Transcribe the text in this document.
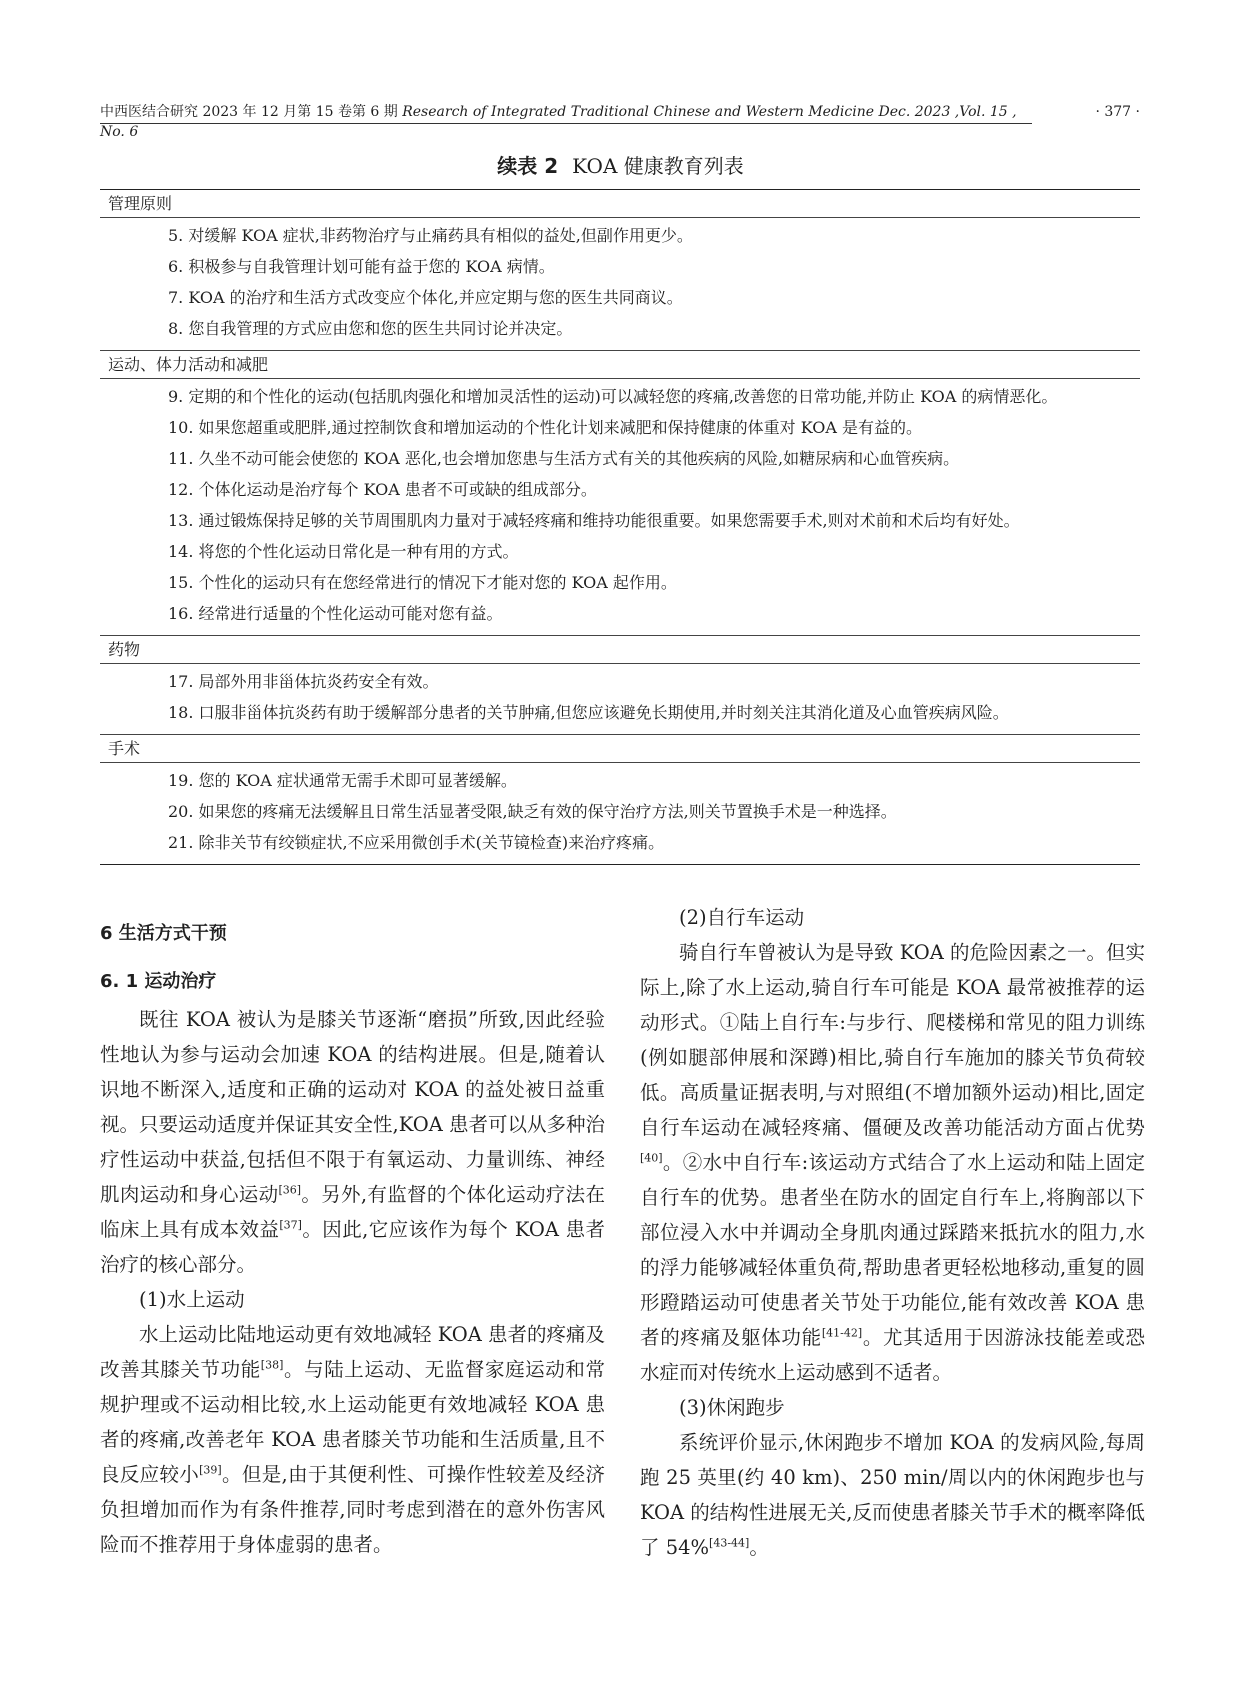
中西医结合研究 2023 年 12 月第 15 卷第 6 期 Research of Integrated Traditional Chinese and Western Medicine Dec. 2023 ,Vol. 15 , No. 6
· 377 ·
续表 2 KOA 健康教育列表
管理原则
5. 对缓解 KOA 症状,非药物治疗与止痛药具有相似的益处,但副作用更少。
6. 积极参与自我管理计划可能有益于您的 KOA 病情。
7. KOA 的治疗和生活方式改变应个体化,并应定期与您的医生共同商议。
8. 您自我管理的方式应由您和您的医生共同讨论并决定。
运动、体力活动和减肥
9. 定期的和个性化的运动(包括肌肉强化和增加灵活性的运动)可以减轻您的疼痛,改善您的日常功能,并防止 KOA 的病情恶化。
10. 如果您超重或肥胖,通过控制饮食和增加运动的个性化计划来减肥和保持健康的体重对 KOA 是有益的。
11. 久坐不动可能会使您的 KOA 恶化,也会增加您患与生活方式有关的其他疾病的风险,如糖尿病和心血管疾病。
12. 个体化运动是治疗每个 KOA 患者不可或缺的组成部分。
13. 通过锻炼保持足够的关节周围肌肉力量对于减轻疼痛和维持功能很重要。如果您需要手术,则对术前和术后均有好处。
14. 将您的个性化运动日常化是一种有用的方式。
15. 个性化的运动只有在您经常进行的情况下才能对您的 KOA 起作用。
16. 经常进行适量的个性化运动可能对您有益。
药物
17. 局部外用非甾体抗炎药安全有效。
18. 口服非甾体抗炎药有助于缓解部分患者的关节肿痛,但您应该避免长期使用,并时刻关注其消化道及心血管疾病风险。
手术
19. 您的 KOA 症状通常无需手术即可显著缓解。
20. 如果您的疼痛无法缓解且日常生活显著受限,缺乏有效的保守治疗方法,则关节置换手术是一种选择。
21. 除非关节有绞锁症状,不应采用微创手术(关节镜检查)来治疗疼痛。
6 生活方式干预
6. 1 运动治疗

既往 KOA 被认为是膝关节逐渐“磨损”所致,因此经验性地认为参与运动会加速 KOA 的结构进展。但是,随着认识地不断深入,适度和正确的运动对 KOA 的益处被日益重视。只要运动适度并保证其安全性,KOA 患者可以从多种治疗性运动中获益,包括但不限于有氧运动、力量训练、神经肌肉运动和身心运动[36]。另外,有监督的个体化运动疗法在临床上具有成本效益[37]。因此,它应该作为每个 KOA 患者治疗的核心部分。

(1)水上运动

水上运动比陆地运动更有效地减轻 KOA 患者的疼痛及改善其膝关节功能[38]。与陆上运动、无监督家庭运动和常规护理或不运动相比较,水上运动能更有效地减轻 KOA 患者的疼痛,改善老年 KOA 患者膝关节功能和生活质量,且不良反应较小[39]。但是,由于其便利性、可操作性较差及经济负担增加而作为有条件推荐,同时考虑到潜在的意外伤害风险而不推荐用于身体虚弱的患者。

(2)自行车运动

骑自行车曾被认为是导致 KOA 的危险因素之一。但实际上,除了水上运动,骑自行车可能是 KOA 最常被推荐的运动形式。①陆上自行车:与步行、爬楼梯和常见的阻力训练(例如腿部伸展和深蹲)相比,骑自行车施加的膝关节负荷较低。高质量证据表明,与对照组(不增加额外运动)相比,固定自行车运动在减轻疼痛、僵硬及改善功能活动方面占优势[40]。②水中自行车:该运动方式结合了水上运动和陆上固定自行车的优势。患者坐在防水的固定自行车上,将胸部以下部位浸入水中并调动全身肌肉通过踩踏来抵抗水的阻力,水的浮力能够减轻体重负荷,帮助患者更轻松地移动,重复的圆形蹬踏运动可使患者关节处于功能位,能有效改善 KOA 患者的疼痛及躯体功能[41-42]。尤其适用于因游泳技能差或恐水症而对传统水上运动感到不适者。

(3)休闲跑步

系统评价显示,休闲跑步不增加 KOA 的发病风险,每周跑 25 英里(约 40 km)、250 min/周以内的休闲跑步也与 KOA 的结构性进展无关,反而使患者膝关节手术的概率降低了 54%[43-44]。
